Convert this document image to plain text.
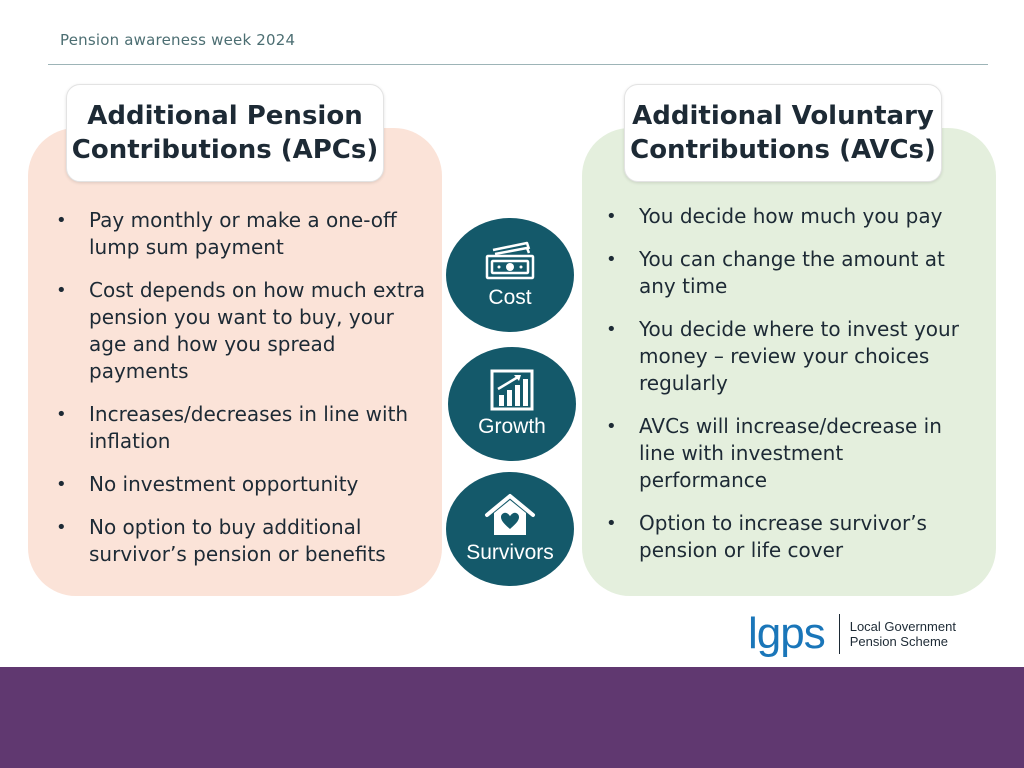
Pension awareness week 2024
Additional Pension
Contributions (APCs)
Additional Voluntary
Contributions (AVCs)
• Pay monthly or make a one-off lump sum payment
• Cost depends on how much extra pension you want to buy, your age and how you spread payments
• Increases/decreases in line with inflation
• No investment opportunity
• No option to buy additional survivor’s pension or benefits
• You decide how much you pay
• You can change the amount at any time
• You decide where to invest your money – review your choices regularly
• AVCs will increase/decrease in line with investment performance
• Option to increase survivor’s pension or life cover
Cost
Growth
Survivors
lgps Local Government
Pension Scheme
